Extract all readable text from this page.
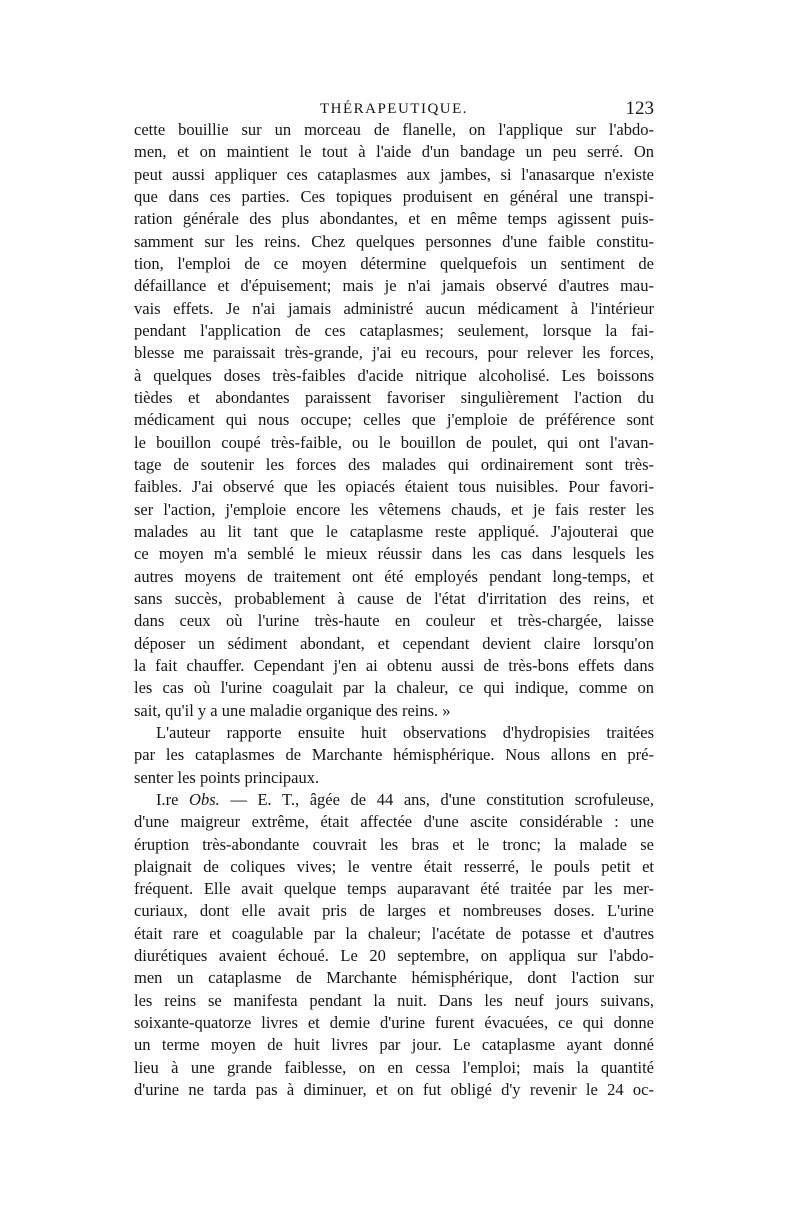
THÉRAPEUTIQUE.	123
cette bouillie sur un morceau de flanelle, on l'applique sur l'abdo-
men, et on maintient le tout à l'aide d'un bandage un peu serré. On
peut aussi appliquer ces cataplasmes aux jambes, si l'anasarque n'existe
que dans ces parties. Ces topiques produisent en général une transpi-
ration générale des plus abondantes, et en même temps agissent puis-
samment sur les reins. Chez quelques personnes d'une faible constitu-
tion, l'emploi de ce moyen détermine quelquefois un sentiment de
défaillance et d'épuisement; mais je n'ai jamais observé d'autres mau-
vais effets. Je n'ai jamais administré aucun médicament à l'intérieur
pendant l'application de ces cataplasmes; seulement, lorsque la fai-
blesse me paraissait très-grande, j'ai eu recours, pour relever les forces,
à quelques doses très-faibles d'acide nitrique alcoholisé. Les boissons
tièdes et abondantes paraissent favoriser singulièrement l'action du
médicament qui nous occupe; celles que j'emploie de préférence sont
le bouillon coupé très-faible, ou le bouillon de poulet, qui ont l'avan-
tage de soutenir les forces des malades qui ordinairement sont très-
faibles. J'ai observé que les opiacés étaient tous nuisibles. Pour favori-
ser l'action, j'emploie encore les vêtemens chauds, et je fais rester les
malades au lit tant que le cataplasme reste appliqué. J'ajouterai que
ce moyen m'a semblé le mieux réussir dans les cas dans lesquels les
autres moyens de traitement ont été employés pendant long-temps, et
sans succès, probablement à cause de l'état d'irritation des reins, et
dans ceux où l'urine très-haute en couleur et très-chargée, laisse
déposer un sédiment abondant, et cependant devient claire lorsqu'on
la fait chauffer. Cependant j'en ai obtenu aussi de très-bons effets dans
les cas où l'urine coagulait par la chaleur, ce qui indique, comme on
sait, qu'il y a une maladie organique des reins. »
L'auteur rapporte ensuite huit observations d'hydropisies traitées
par les cataplasmes de Marchante hémisphérique. Nous allons en pré-
senter les points principaux.
I.re Obs. — E. T., âgée de 44 ans, d'une constitution scrofuleuse,
d'une maigreur extrême, était affectée d'une ascite considérable : une
éruption très-abondante couvrait les bras et le tronc; la malade se
plaignait de coliques vives; le ventre était resserré, le pouls petit et
fréquent. Elle avait quelque temps auparavant été traitée par les mer-
curiaux, dont elle avait pris de larges et nombreuses doses. L'urine
était rare et coagulable par la chaleur; l'acétate de potasse et d'autres
diurétiques avaient échoué. Le 20 septembre, on appliqua sur l'abdo-
men un cataplasme de Marchante hémisphérique, dont l'action sur
les reins se manifesta pendant la nuit. Dans les neuf jours suivans,
soixante-quatorze livres et demie d'urine furent évacuées, ce qui donne
un terme moyen de huit livres par jour. Le cataplasme ayant donné
lieu à une grande faiblesse, on en cessa l'emploi; mais la quantité
d'urine ne tarda pas à diminuer, et on fut obligé d'y revenir le 24 oc-
